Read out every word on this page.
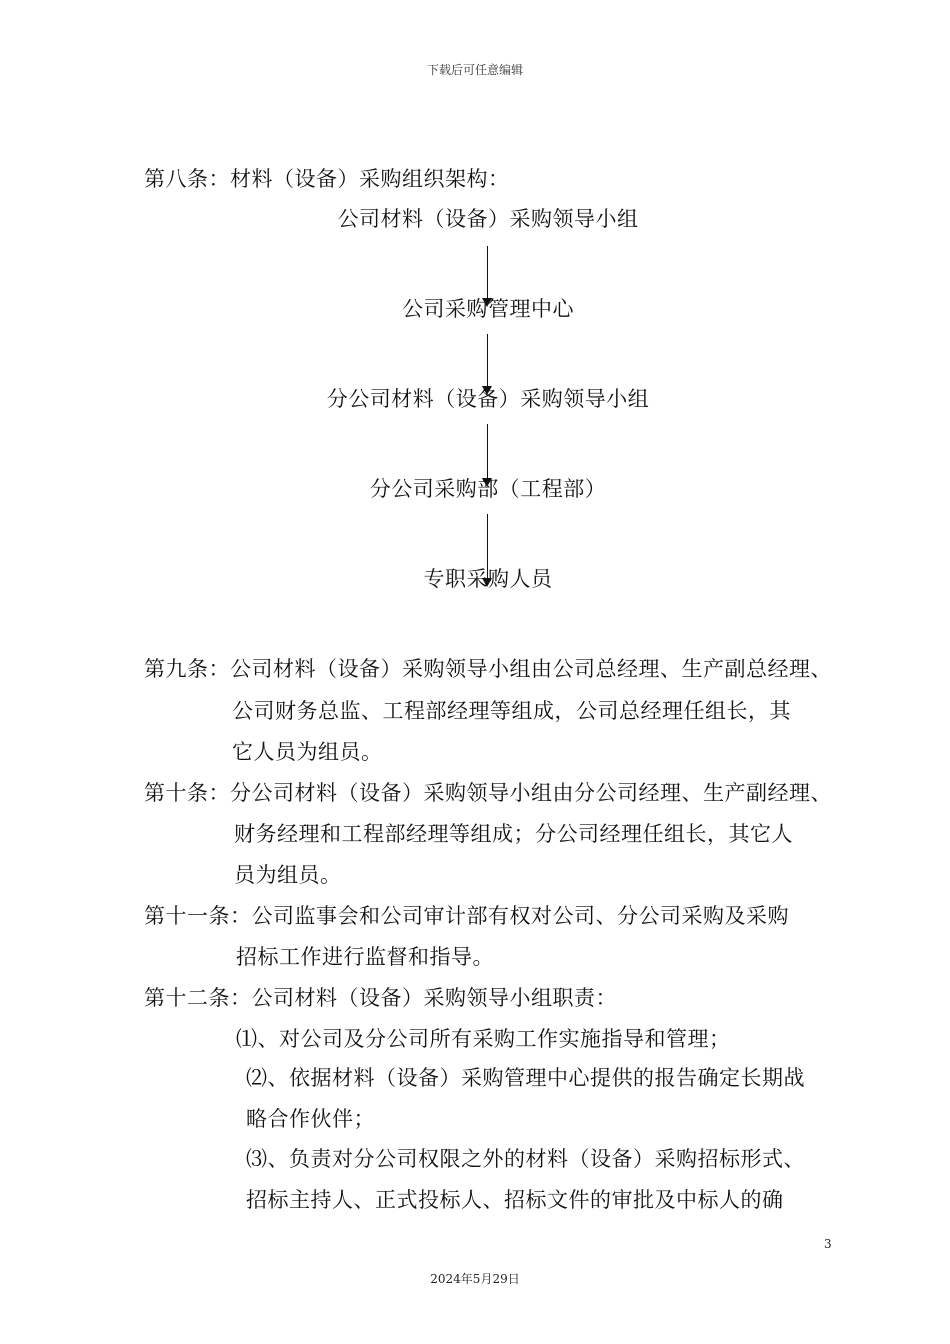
下载后可任意编辑
第八条：材料（设备）采购组织架构：
公司材料（设备）采购领导小组
公司采购管理中心
分公司材料（设备）采购领导小组
分公司采购部（工程部）
专职采购人员
第九条：公司材料（设备）采购领导小组由公司总经理、生产副总经理、
公司财务总监、工程部经理等组成，公司总经理任组长，其
它人员为组员。
第十条：分公司材料（设备）采购领导小组由分公司经理、生产副经理、
财务经理和工程部经理等组成；分公司经理任组长，其它人
员为组员。
第十一条：公司监事会和公司审计部有权对公司、分公司采购及采购
招标工作进行监督和指导。
第十二条：公司材料（设备）采购领导小组职责：
⑴、对公司及分公司所有采购工作实施指导和管理；
⑵、依据材料（设备）采购管理中心提供的报告确定长期战
略合作伙伴；
⑶、负责对分公司权限之外的材料（设备）采购招标形式、
招标主持人、正式投标人、招标文件的审批及中标人的确
3
2024年5月29日
